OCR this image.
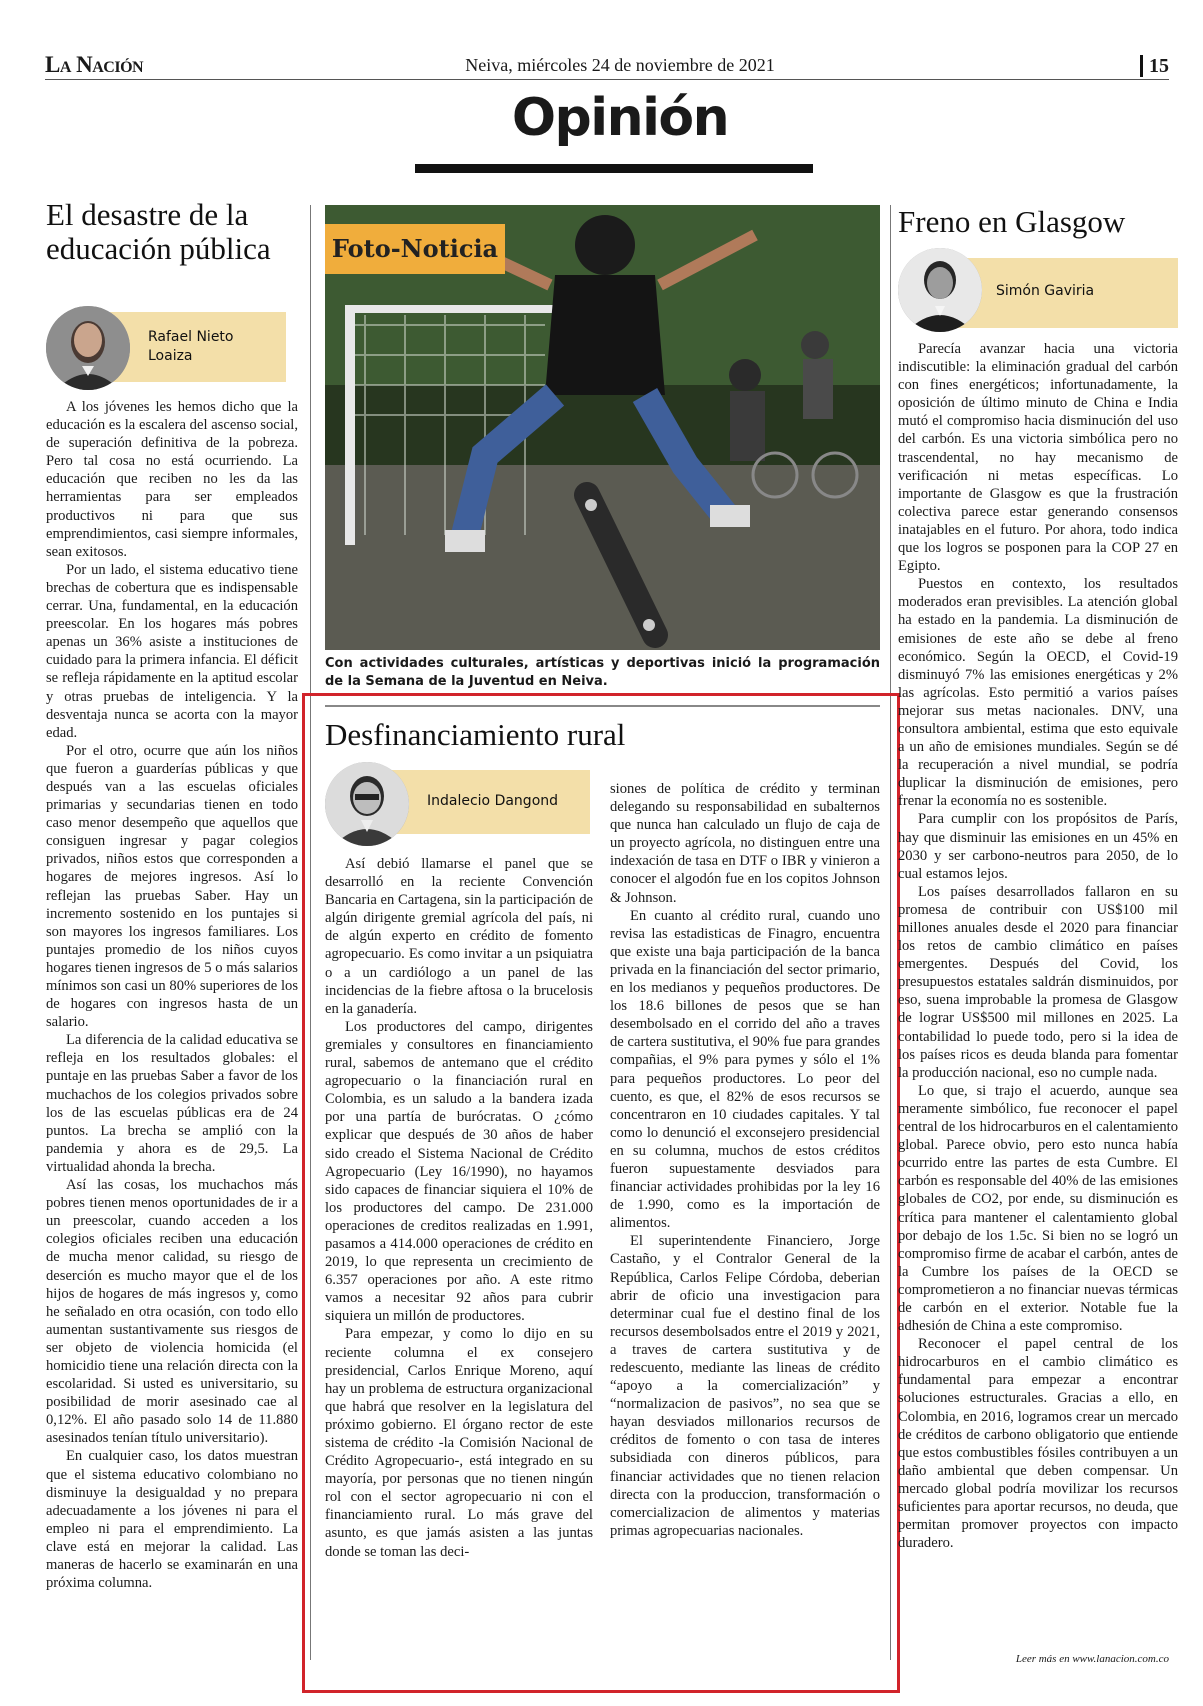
La Nación	Neiva, miércoles 24 de noviembre de 2021	15
Opinión
El desastre de la educación pública
Rafael Nieto Loaiza

A los jóvenes les hemos dicho que la educación es la escalera del ascenso social, de superación definitiva de la pobreza. Pero tal cosa no está ocurriendo. La educación que reciben no les da las herramientas para ser empleados productivos ni para que sus emprendimientos, casi siempre informales, sean exitosos.

Por un lado, el sistema educativo tiene brechas de cobertura que es indispensable cerrar. Una, fundamental, en la educación preescolar. En los hogares más pobres apenas un 36% asiste a instituciones de cuidado para la primera infancia. El déficit se refleja rápidamente en la aptitud escolar y otras pruebas de inteligencia. Y la desventaja nunca se acorta con la mayor edad.

Por el otro, ocurre que aún los niños que fueron a guarderías públicas y que después van a las escuelas oficiales primarias y secundarias tienen en todo caso menor desempeño que aquellos que consiguen ingresar y pagar colegios privados, niños estos que corresponden a hogares de mejores ingresos. Así lo reflejan las pruebas Saber. Hay un incremento sostenido en los puntajes si son mayores los ingresos familiares. Los puntajes promedio de los niños cuyos hogares tienen ingresos de 5 o más salarios mínimos son casi un 80% superiores de los de hogares con ingresos hasta de un salario.

La diferencia de la calidad educativa se refleja en los resultados globales: el puntaje en las pruebas Saber a favor de los muchachos de los colegios privados sobre los de las escuelas públicas era de 24 puntos. La brecha se amplió con la pandemia y ahora es de 29,5. La virtualidad ahonda la brecha.

Así las cosas, los muchachos más pobres tienen menos oportunidades de ir a un preescolar, cuando acceden a los colegios oficiales reciben una educación de mucha menor calidad, su riesgo de deserción es mucho mayor que el de los hijos de hogares de más ingresos y, como he señalado en otra ocasión, con todo ello aumentan sustantivamente sus riesgos de ser objeto de violencia homicida (el homicidio tiene una relación directa con la escolaridad. Si usted es universitario, su posibilidad de morir asesinado cae al 0,12%. El año pasado solo 14 de 11.880 asesinados tenían título universitario).

En cualquier caso, los datos muestran que el sistema educativo colombiano no disminuye la desigualdad y no prepara adecuadamente a los jóvenes ni para el empleo ni para el emprendimiento. La clave está en mejorar la calidad. Las maneras de hacerlo se examinarán en una próxima columna.

Foto-Noticia
Con actividades culturales, artísticas y deportivas inició la programación de la Semana de la Juventud en Neiva.
Desfinanciamiento rural
Indalecio Dangond

Así debió llamarse el panel que se desarrolló en la reciente Convención Bancaria en Cartagena, sin la participación de algún dirigente gremial agrícola del país, ni de algún experto en crédito de fomento agropecuario. Es como invitar a un psiquiatra o a un cardiólogo a un panel de las incidencias de la fiebre aftosa o la brucelosis en la ganadería.

Los productores del campo, dirigentes gremiales y consultores en financiamiento rural, sabemos de antemano que el crédito agropecuario o la financiación rural en Colombia, es un saludo a la bandera izada por una partía de burócratas. O ¿cómo explicar que después de 30 años de haber sido creado el Sistema Nacional de Crédito Agropecuario (Ley 16/1990), no hayamos sido capaces de financiar siquiera el 10% de los productores del campo. De 231.000 operaciones de creditos realizadas en 1.991, pasamos a 414.000 operaciones de crédito en 2019, lo que representa un crecimiento de 6.357 operaciones por año. A este ritmo vamos a necesitar 92 años para cubrir siquiera un millón de productores.

Para empezar, y como lo dijo en su reciente columna el ex consejero presidencial, Carlos Enrique Moreno, aquí hay un problema de estructura organizacional que habrá que resolver en la legislatura del próximo gobierno. El órgano rector de este sistema de crédito -la Comisión Nacional de Crédito Agropecuario-, está integrado en su mayoría, por personas que no tienen ningún rol con el sector agropecuario ni con el financiamiento rural. Lo más grave del asunto, es que jamás asisten a las juntas donde se toman las deci-

siones de política de crédito y terminan delegando su responsabilidad en subalternos que nunca han calculado un flujo de caja de un proyecto agrícola, no distinguen entre una indexación de tasa en DTF o IBR y vinieron a conocer el algodón fue en los copitos Johnson & Johnson.

En cuanto al crédito rural, cuando uno revisa las estadisticas de Finagro, encuentra que existe una baja participación de la banca privada en la financiación del sector primario, en los medianos y pequeños productores. De los 18.6 billones de pesos que se han desembolsado en el corrido del año a traves de cartera sustitutiva, el 90% fue para grandes compañias, el 9% para pymes y sólo el 1% para pequeños productores. Lo peor del cuento, es que, el 82% de esos recursos se concentraron en 10 ciudades capitales. Y tal como lo denunció el exconsejero presidencial en su columna, muchos de estos créditos fueron supuestamente desviados para financiar actividades prohibidas por la ley 16 de 1.990, como es la importación de alimentos.

El superintendente Financiero, Jorge Castaño, y el Contralor General de la República, Carlos Felipe Córdoba, deberian abrir de oficio una investigacion para determinar cual fue el destino final de los recursos desembolsados entre el 2019 y 2021, a traves de cartera sustitutiva y de redescuento, mediante las lineas de crédito “apoyo a la comercialización” y “normalizacion de pasivos”, no sea que se hayan desviados millonarios recursos de créditos de fomento o con tasa de interes subsidiada con dineros públicos, para financiar actividades que no tienen relacion directa con la produccion, transformación o comercializacion de alimentos y materias primas agropecuarias nacionales.

Freno en Glasgow
Simón Gaviria

Parecía avanzar hacia una victoria indiscutible: la eliminación gradual del carbón con fines energéticos; infortunadamente, la oposición de último minuto de China e India mutó el compromiso hacia disminución del uso del carbón. Es una victoria simbólica pero no trascendental, no hay mecanismo de verificación ni metas específicas. Lo importante de Glasgow es que la frustración colectiva parece estar generando consensos inatajables en el futuro. Por ahora, todo indica que los logros se posponen para la COP 27 en Egipto.

Puestos en contexto, los resultados moderados eran previsibles. La atención global ha estado en la pandemia. La disminución de emisiones de este año se debe al freno económico. Según la OECD, el Covid-19 disminuyó 7% las emisiones energéticas y 2% las agrícolas. Esto permitió a varios países mejorar sus metas nacionales. DNV, una consultora ambiental, estima que esto equivale a un año de emisiones mundiales. Según se dé la recuperación a nivel mundial, se podría duplicar la disminución de emisiones, pero frenar la economía no es sostenible.

Para cumplir con los propósitos de París, hay que disminuir las emisiones en un 45% en 2030 y ser carbono-neutros para 2050, de lo cual estamos lejos.

Los países desarrollados fallaron en su promesa de contribuir con US$100 mil millones anuales desde el 2020 para financiar los retos de cambio climático en países emergentes. Después del Covid, los presupuestos estatales saldrán disminuidos, por eso, suena improbable la promesa de Glasgow de lograr US$500 mil millones en 2025. La contabilidad lo puede todo, pero si la idea de los países ricos es deuda blanda para fomentar la producción nacional, eso no cumple nada.

Lo que, si trajo el acuerdo, aunque sea meramente simbólico, fue reconocer el papel central de los hidrocarburos en el calentamiento global. Parece obvio, pero esto nunca había ocurrido entre las partes de esta Cumbre. El carbón es responsable del 40% de las emisiones globales de CO2, por ende, su disminución es crítica para mantener el calentamiento global por debajo de los 1.5c. Si bien no se logró un compromiso firme de acabar el carbón, antes de la Cumbre los países de la OECD se comprometieron a no financiar nuevas térmicas de carbón en el exterior. Notable fue la adhesión de China a este compromiso.

Reconocer el papel central de los hidrocarburos en el cambio climático es fundamental para empezar a encontrar soluciones estructurales. Gracias a ello, en Colombia, en 2016, logramos crear un mercado de créditos de carbono obligatorio que entiende que estos combustibles fósiles contribuyen a un daño ambiental que deben compensar. Un mercado global podría movilizar los recursos suficientes para aportar recursos, no deuda, que permitan promover proyectos con impacto duradero.

Leer más en www.lanacion.com.co
